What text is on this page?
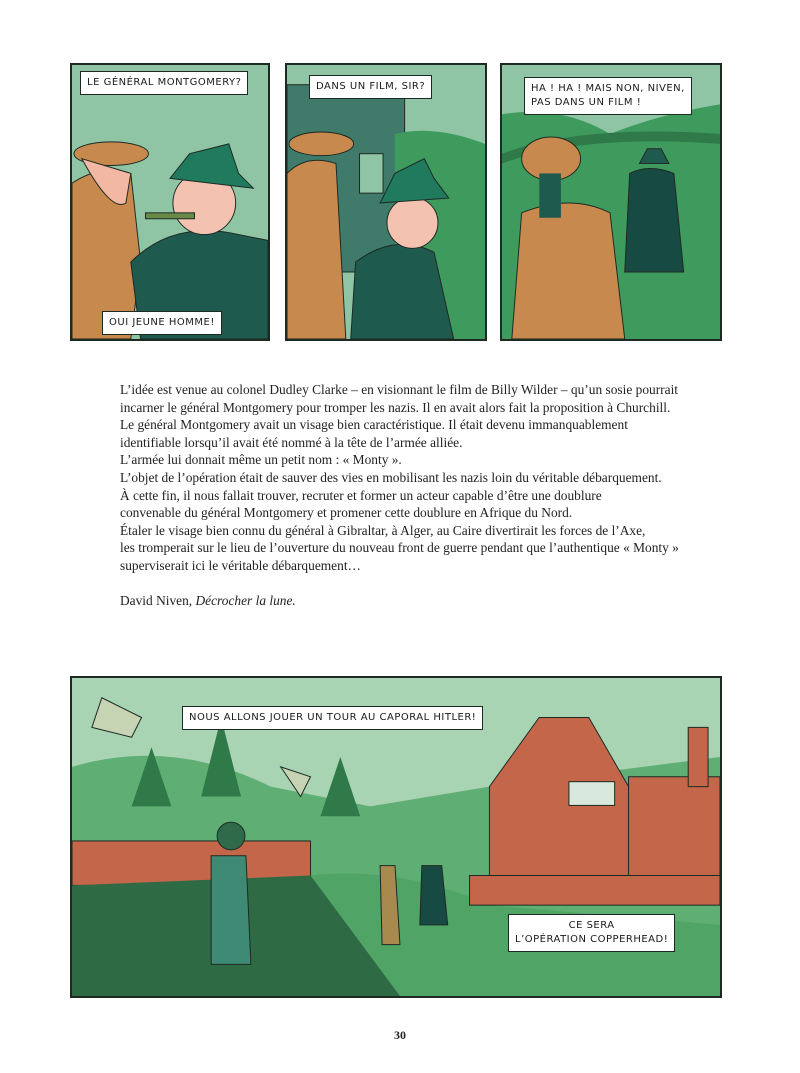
LE GÉNÉRAL MONTGOMERY?
OUI JEUNE HOMME!
DANS UN FILM, SIR?	HA ! HA ! MAIS NON, NIVEN,
PAS DANS UN FILM !

L’idée est venue au colonel Dudley Clarke – en visionnant le film de Billy Wilder – qu’un sosie pourrait

incarner le général Montgomery pour tromper les nazis. Il en avait alors fait la proposition à Churchill.

Le général Montgomery avait un visage bien caractéristique. Il était devenu immanquablement

identifiable lorsqu’il avait été nommé à la tête de l’armée alliée.

L’armée lui donnait même un petit nom : « Monty ».

L’objet de l’opération était de sauver des vies en mobilisant les nazis loin du véritable débarquement.

À cette fin, il nous fallait trouver, recruter et former un acteur capable d’être une doublure

convenable du général Montgomery et promener cette doublure en Afrique du Nord.

Étaler le visage bien connu du général à Gibraltar, à Alger, au Caire divertirait les forces de l’Axe,

les tromperait sur le lieu de l’ouverture du nouveau front de guerre pendant que l’authentique « Monty »

superviserait ici le véritable débarquement…

David Niven, Décrocher la lune.

NOUS ALLONS JOUER UN TOUR AU CAPORAL HITLER!
CE SERA
L’OPÉRATION COPPERHEAD!
30
